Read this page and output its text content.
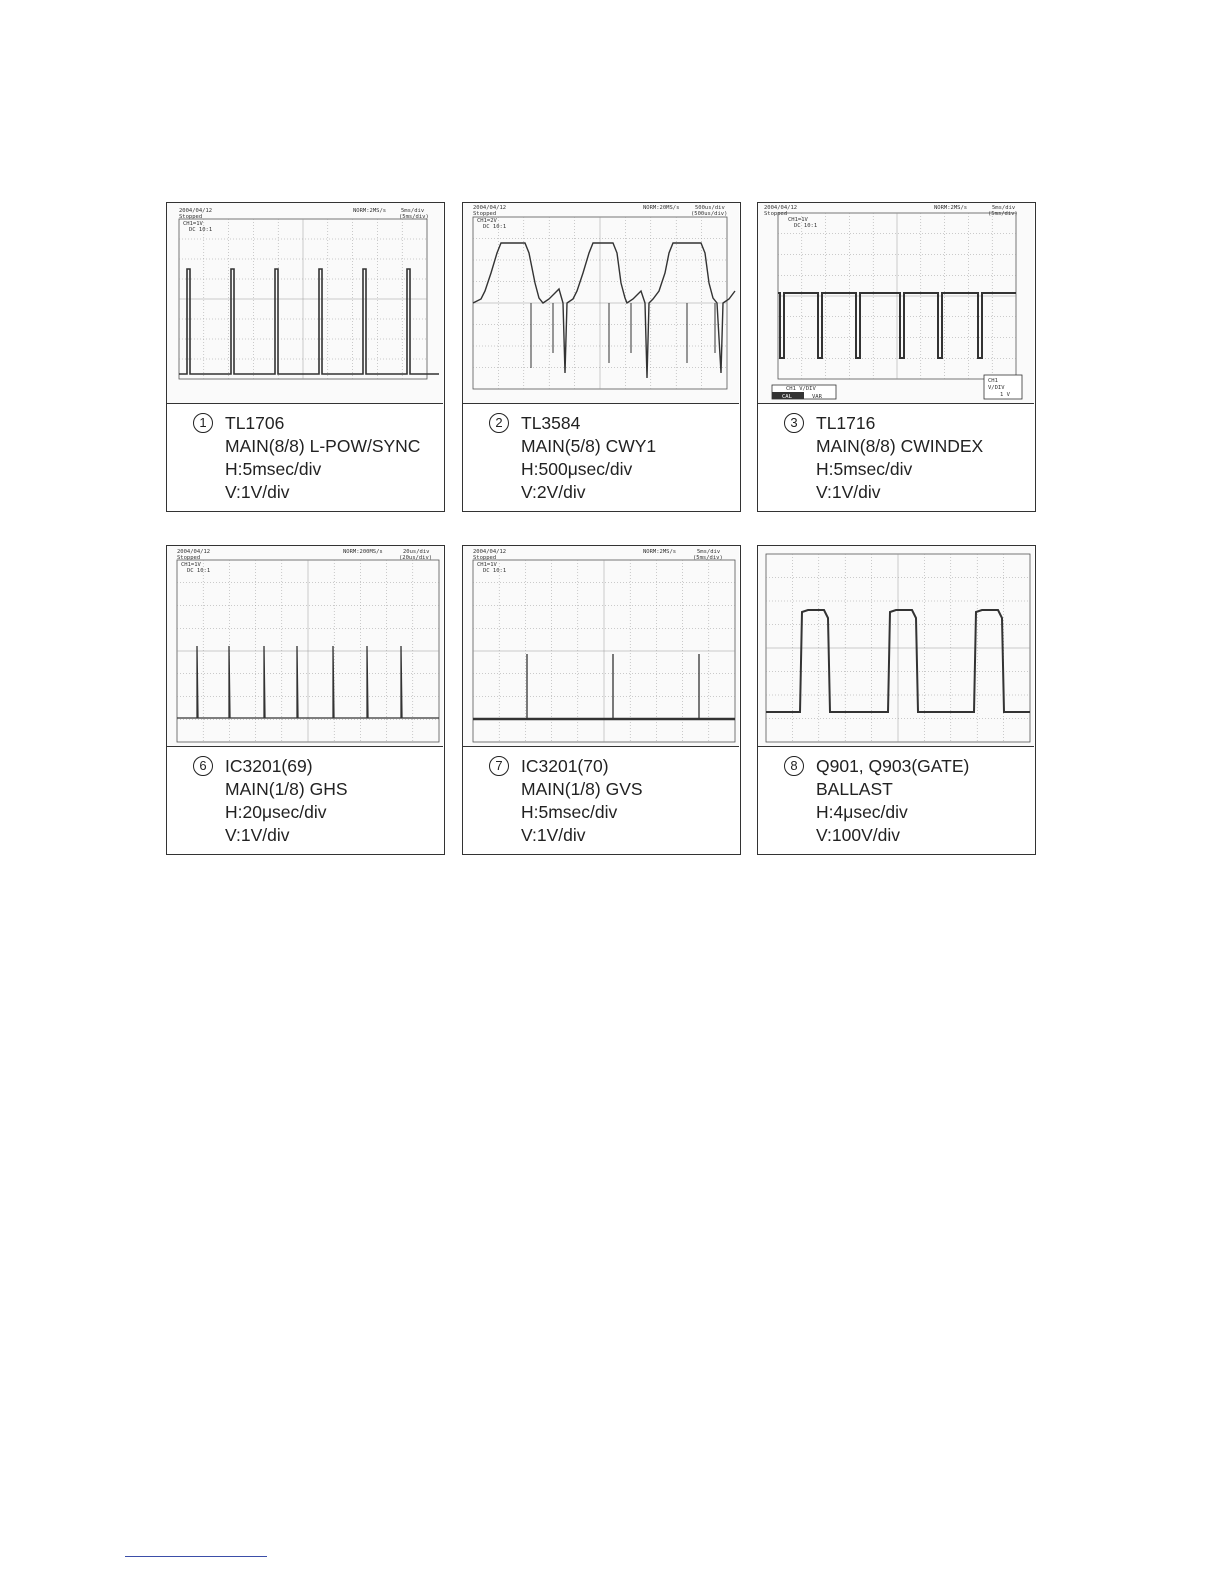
2004/04/12
Stopped
NORM:2MS/s	5ms/div
(5ms/div)
CH1=1V
DC 10:1
1	TL1706
MAIN(8/8) L-POW/SYNC
H:5msec/div
V:1V/div
2004/04/12
Stopped
NORM:20MS/s	500us/div
(500us/div)
CH1=2V
DC 10:1
2	TL3584
MAIN(5/8) CWY1
H:500μsec/div
V:2V/div
2004/04/12
Stopped
NORM:2MS/s	5ms/div
(5ms/div)
CH1=1V
DC 10:1
CH1 V/DIV
CAL	VAR
CH1
V/DIV
1 V
3	TL1716
MAIN(8/8) CWINDEX
H:5msec/div
V:1V/div
2004/04/12
Stopped
NORM:200MS/s	20us/div
(20us/div)
CH1=1V
DC 10:1
6	IC3201(69)
MAIN(1/8) GHS
H:20μsec/div
V:1V/div
2004/04/12
Stopped
NORM:2MS/s	5ms/div
(5ms/div)
CH1=1V
DC 10:1
7	IC3201(70)
MAIN(1/8) GVS
H:5msec/div
V:1V/div
8	Q901, Q903(GATE)
BALLAST
H:4μsec/div
V:100V/div
